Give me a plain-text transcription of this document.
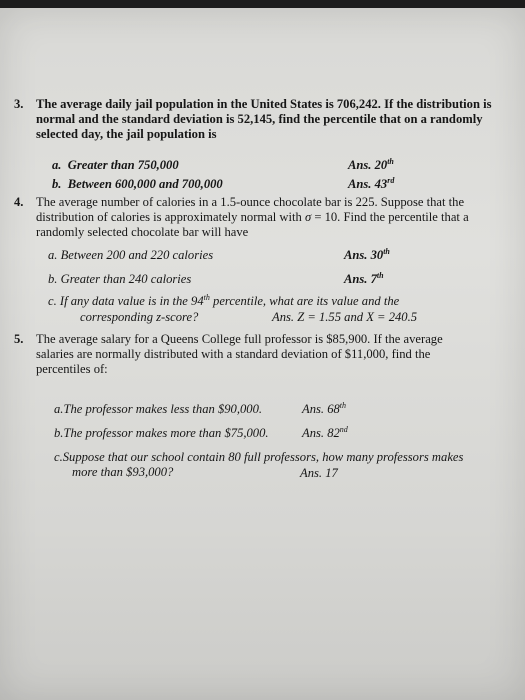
3. The average daily jail population in the United States is 706,242. If the distribution is normal and the standard deviation is 52,145, find the percentile that on a randomly selected day, the jail population is
a. Greater than 750,000	Ans. 20th
b. Between 600,000 and 700,000	Ans. 43rd
4. The average number of calories in a 1.5-ounce chocolate bar is 225. Suppose that the distribution of calories is approximately normal with σ = 10. Find the percentile that a randomly selected chocolate bar will have
a. Between 200 and 220 calories	Ans. 30th
b. Greater than 240 calories	Ans. 7th
c. If any data value is in the 94th percentile, what are its value and the
corresponding z-score?	Ans. Z = 1.55 and X = 240.5
5. The average salary for a Queens College full professor is $85,900. If the average salaries are normally distributed with a standard deviation of $11,000, find the percentiles of:
a.The professor makes less than $90,000.	Ans. 68th
b.The professor makes more than $75,000.	Ans. 82nd
c.Suppose that our school contain 80 full professors, how many professors makes
more than $93,000?	Ans. 17
